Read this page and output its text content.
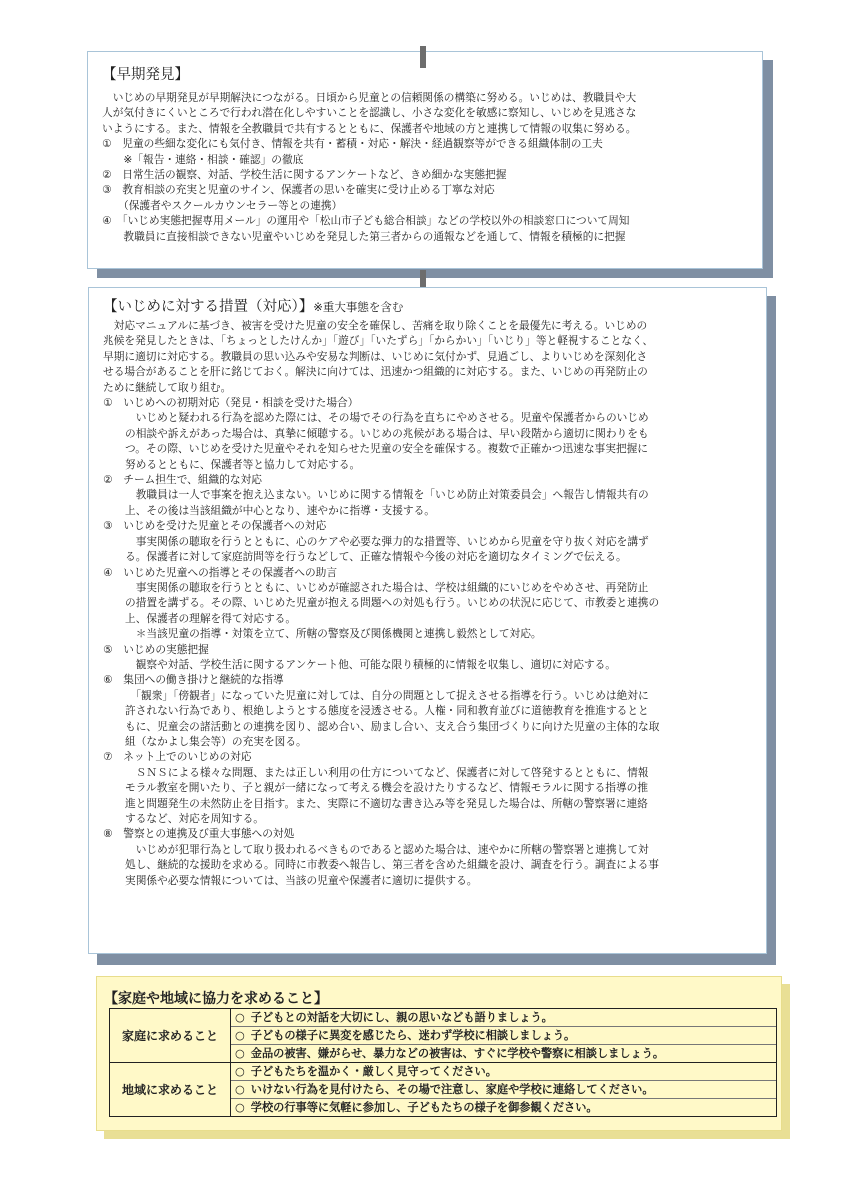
【早期発見】
　いじめの早期発見が早期解決につながる。日頃から児童との信頼関係の構築に努める。いじめは、教職員や大
人が気付きにくいところで行われ潜在化しやすいことを認識し、小さな変化を敏感に察知し、いじめを見逃さな
いようにする。また、情報を全教職員で共有するとともに、保護者や地域の方と連携して情報の収集に努める。
①　児童の些細な変化にも気付き、情報を共有・蓄積・対応・解決・経過観察等ができる組織体制の工夫
　　※「報告・連絡・相談・確認」の徹底
②　日常生活の観察、対話、学校生活に関するアンケートなど、きめ細かな実態把握
③　教育相談の充実と児童のサイン、保護者の思いを確実に受け止める丁寧な対応
　　（保護者やスクールカウンセラー等との連携）
④　「いじめ実態把握専用メール」の運用や「松山市子ども総合相談」などの学校以外の相談窓口について周知
　　教職員に直接相談できない児童やいじめを発見した第三者からの通報などを通して、情報を積極的に把握
【いじめに対する措置（対応）】※重大事態を含む
　対応マニュアルに基づき、被害を受けた児童の安全を確保し、苦痛を取り除くことを最優先に考える。いじめの
兆候を発見したときは、「ちょっとしたけんか」「遊び」「いたずら」「からかい」「いじり」等と軽視することなく、
早期に適切に対応する。教職員の思い込みや安易な判断は、いじめに気付かず、見過ごし、よりいじめを深刻化さ
せる場合があることを肝に銘じておく。解決に向けては、迅速かつ組織的に対応する。また、いじめの再発防止の
ために継続して取り組む。
①　いじめへの初期対応（発見・相談を受けた場合）
　いじめと疑われる行為を認めた際には、その場でその行為を直ちにやめさせる。児童や保護者からのいじめ
の相談や訴えがあった場合は、真摯に傾聴する。いじめの兆候がある場合は、早い段階から適切に関わりをも
つ。その際、いじめを受けた児童やそれを知らせた児童の安全を確保する。複数で正確かつ迅速な事実把握に
努めるとともに、保護者等と協力して対応する。
②　チーム担生で、組織的な対応
　教職員は一人で事案を抱え込まない。いじめに関する情報を「いじめ防止対策委員会」へ報告し情報共有の
上、その後は当該組織が中心となり、速やかに指導・支援する。
③　いじめを受けた児童とその保護者への対応
　事実関係の聴取を行うとともに、心のケアや必要な弾力的な措置等、いじめから児童を守り抜く対応を講ず
る。保護者に対して家庭訪問等を行うなどして、正確な情報や今後の対応を適切なタイミングで伝える。
④　いじめた児童への指導とその保護者への助言
　事実関係の聴取を行うとともに、いじめが確認された場合は、学校は組織的にいじめをやめさせ、再発防止
の措置を講ずる。その際、いじめた児童が抱える問題への対処も行う。いじめの状況に応じて、市教委と連携の
上、保護者の理解を得て対応する。
　＊当該児童の指導・対策を立て、所轄の警察及び関係機関と連携し毅然として対応。
⑤　いじめの実態把握
　観察や対話、学校生活に関するアンケート他、可能な限り積極的に情報を収集し、適切に対応する。
⑥　集団への働き掛けと継続的な指導
　「観衆」「傍観者」になっていた児童に対しては、自分の問題として捉えさせる指導を行う。いじめは絶対に
許されない行為であり、根絶しようとする態度を浸透させる。人権・同和教育並びに道徳教育を推進するとと
もに、児童会の諸活動との連携を図り、認め合い、励まし合い、支え合う集団づくりに向けた児童の主体的な取
組（なかよし集会等）の充実を図る。
⑦　ネット上でのいじめの対応
　ＳＮＳによる様々な問題、または正しい利用の仕方についてなど、保護者に対して啓発するとともに、情報
モラル教室を開いたり、子と親が一緒になって考える機会を設けたりするなど、情報モラルに関する指導の推
進と問題発生の未然防止を目指す。また、実際に不適切な書き込み等を発見した場合は、所轄の警察署に連絡
するなど、対応を周知する。
⑧　警察との連携及び重大事態への対処
　いじめが犯罪行為として取り扱われるべきものであると認めた場合は、速やかに所轄の警察署と連携して対
処し、継続的な援助を求める。同時に市教委へ報告し、第三者を含めた組織を設け、調査を行う。調査による事
実関係や必要な情報については、当該の児童や保護者に適切に提供する。
【家庭や地域に協力を求めること】
家庭に求めること	○ 子どもとの対話を大切にし、親の思いなども語りましょう。
○ 子どもの様子に異変を感じたら、迷わず学校に相談しましょう。
○ 金品の被害、嫌がらせ、暴力などの被害は、すぐに学校や警察に相談しましょう。

地域に求めること	○ 子どもたちを温かく・厳しく見守ってください。
○ いけない行為を見付けたら、その場で注意し、家庭や学校に連絡してください。
○ 学校の行事等に気軽に参加し、子どもたちの様子を御参観ください。
